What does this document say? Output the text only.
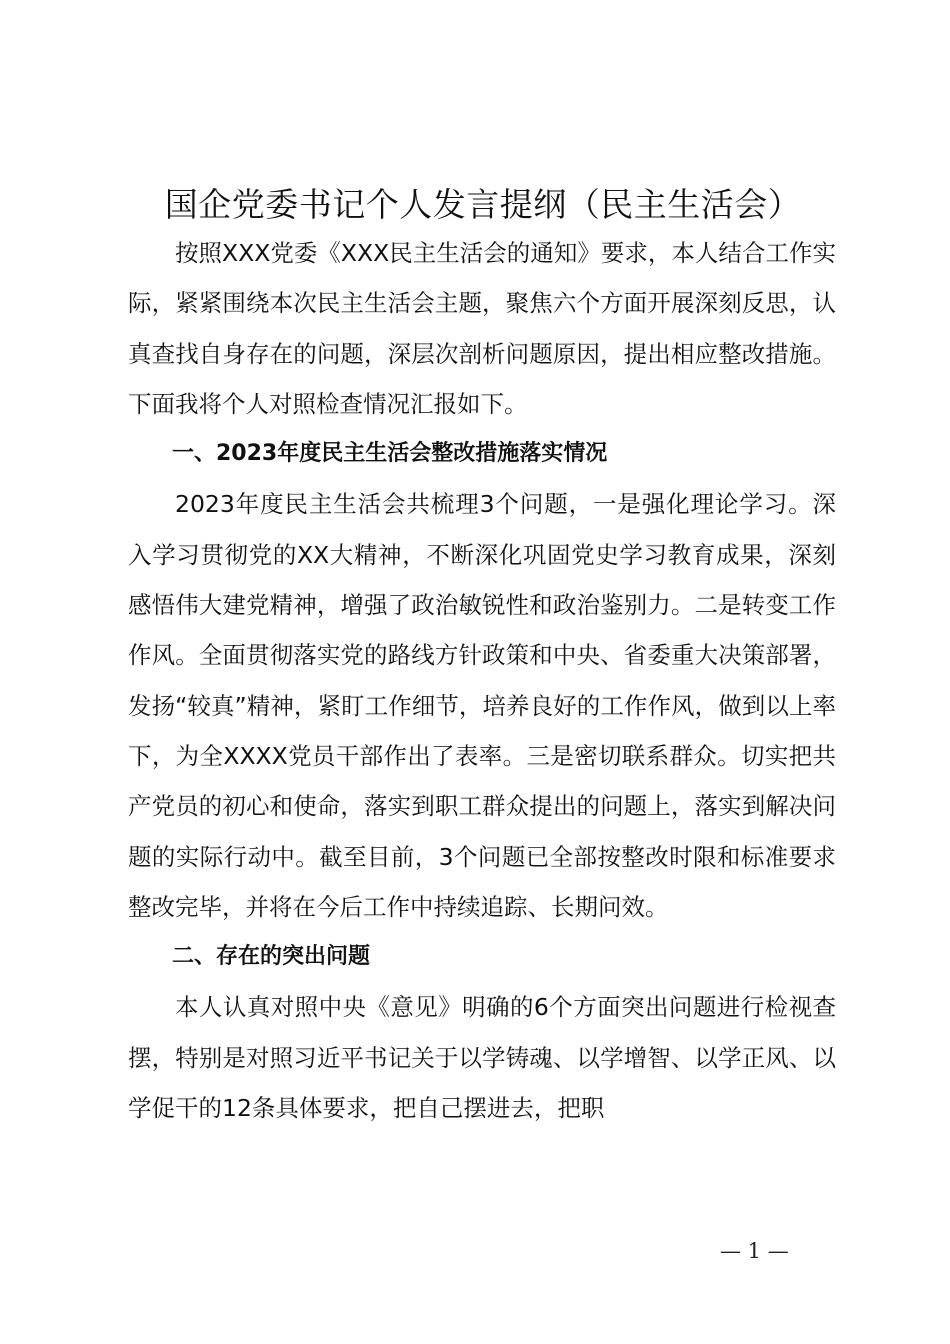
国企党委书记个人发言提纲（民主生活会）

按照XXX党委《XXX民主生活会的通知》要求，本人结合工作实际，紧紧围绕本次民主生活会主题，聚焦六个方面开展深刻反思，认真查找自身存在的问题，深层次剖析问题原因，提出相应整改措施。下面我将个人对照检查情况汇报如下。

一、2023年度民主生活会整改措施落实情况

2023年度民主生活会共梳理3个问题，一是强化理论学习。深入学习贯彻党的XX大精神，不断深化巩固党史学习教育成果，深刻感悟伟大建党精神，增强了政治敏锐性和政治鉴别力。二是转变工作作风。全面贯彻落实党的路线方针政策和中央、省委重大决策部署，发扬“较真”精神，紧盯工作细节，培养良好的工作作风，做到以上率下，为全XXXX党员干部作出了表率。三是密切联系群众。切实把共产党员的初心和使命，落实到职工群众提出的问题上，落实到解决问题的实际行动中。截至目前，3个问题已全部按整改时限和标准要求整改完毕，并将在今后工作中持续追踪、长期问效。

二、存在的突出问题

本人认真对照中央《意见》明确的6个方面突出问题进行检视查摆，特别是对照习近平书记关于以学铸魂、以学增智、以学正风、以学促干的12条具体要求，把自己摆进去，把职

— 1 —
